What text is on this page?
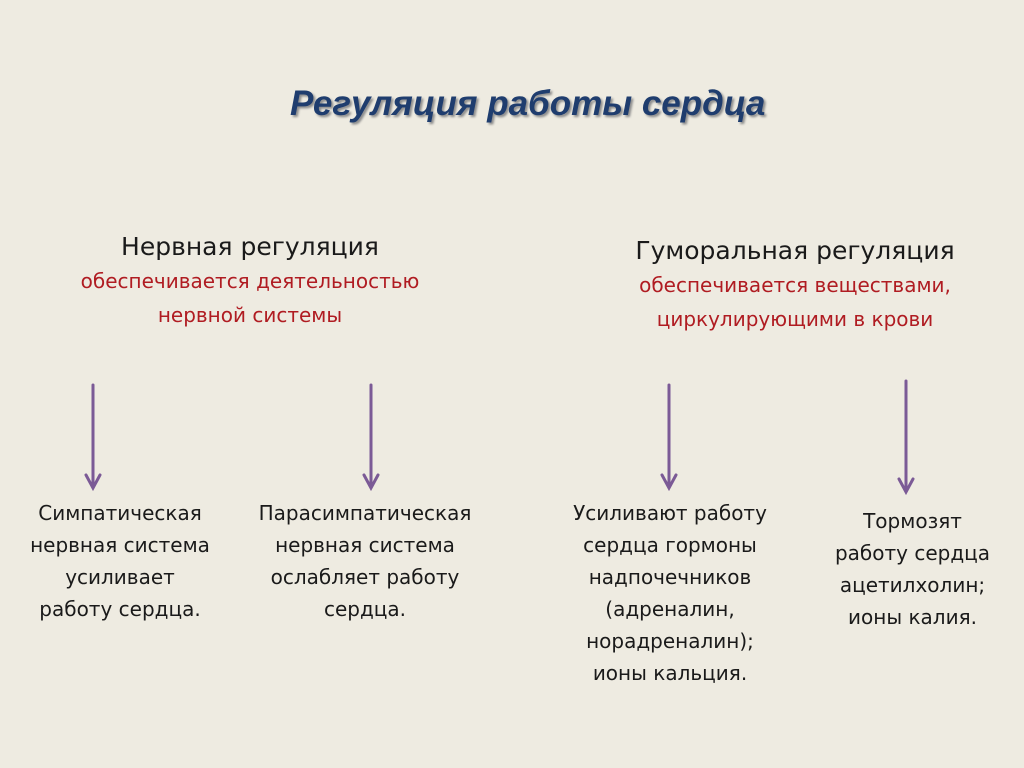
Регуляция работы сердца
Нервная регуляция
обеспечивается деятельностью
нервной системы
Гуморальная регуляция
обеспечивается веществами,
циркулирующими в крови
Симпатическая
нервная система
усиливает
работу сердца.
Парасимпатическая
нервная система
ослабляет работу
сердца.
Усиливают работу
сердца гормоны
надпочечников
(адреналин,
норадреналин);
ионы кальция.
Тормозят
работу сердца
ацетилхолин;
ионы калия.
